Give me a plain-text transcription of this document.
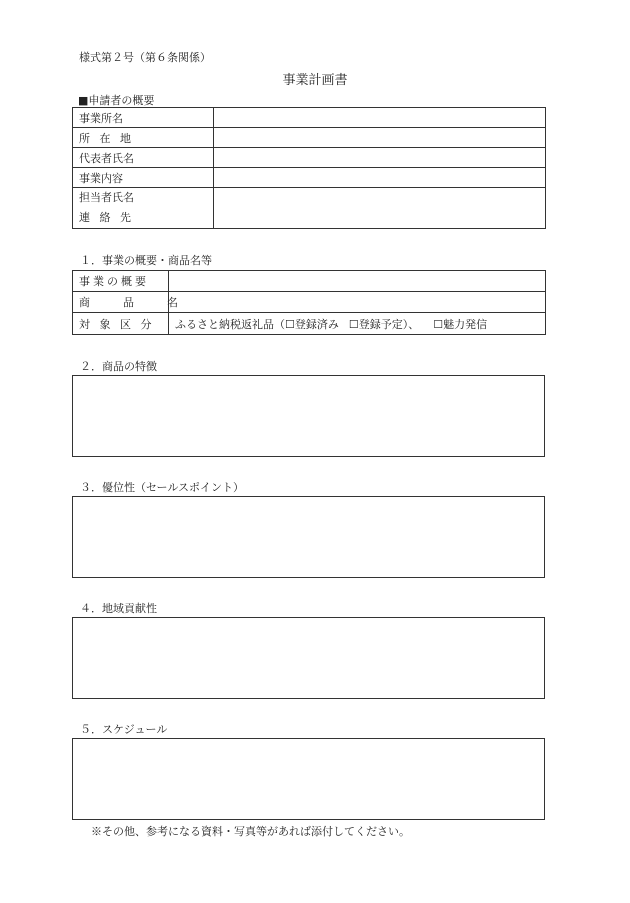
様式第２号（第６条関係）
事業計画書
■申請者の概要
事業所名	
所 在 地	
代表者氏名	
事業内容	

担当者氏名
連 絡 先	

１．事業の概要・商品名等
事業の概要	
商　品　名	
対 象 区 分	ふるさと納税返礼品（☐登録済み ☐登録予定）、 ☐魅力発信
２．商品の特徴
３．優位性（セールスポイント）
４．地域貢献性
５．スケジュール
※その他、参考になる資料・写真等があれば添付してください。
